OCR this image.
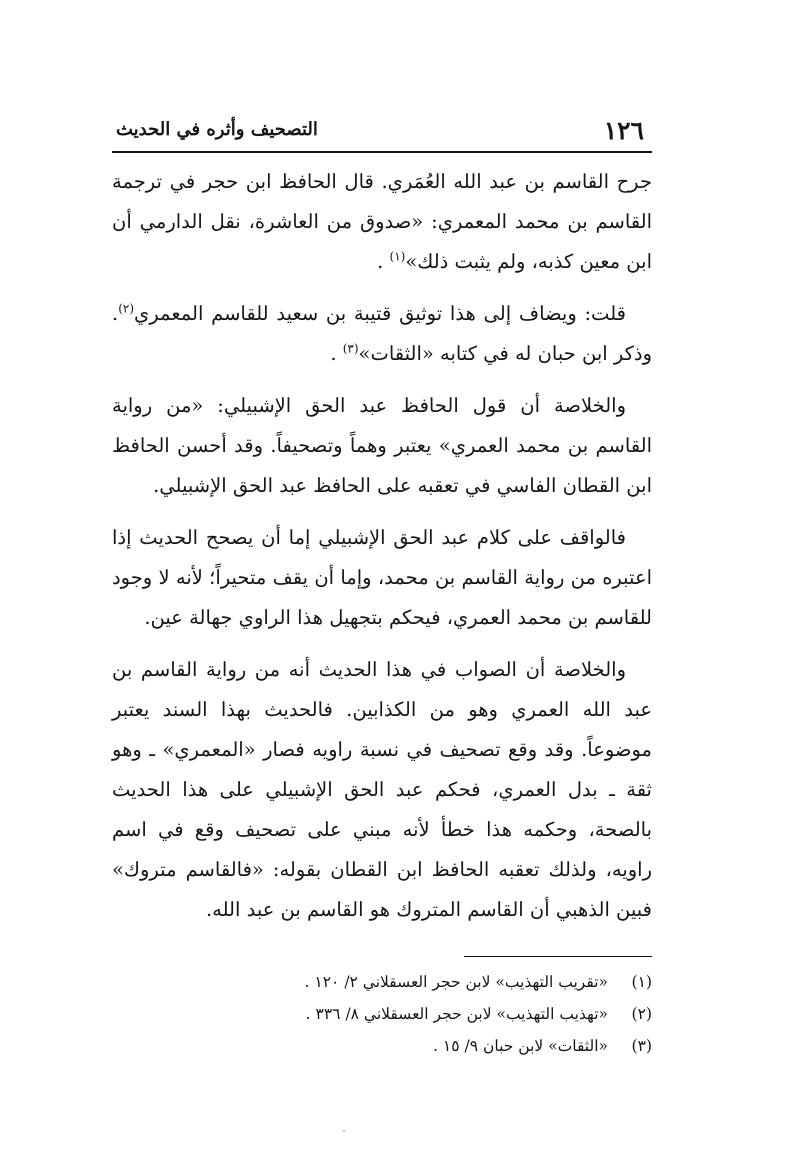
١٢٦
التصحيف وأثره في الحديث

جرح القاسم بن عبد الله العُمَري. قال الحافظ ابن حجر في ترجمة القاسم بن محمد المعمري: «صدوق من العاشرة، نقل الدارمي أن ابن معين كذبه، ولم يثبت ذلك»$^{(١)}$ .

قلت: ويضاف إلى هذا توثيق قتيبة بن سعيد للقاسم المعمري$^{(٢)}$. وذكر ابن حبان له في كتابه «الثقات»$^{(٣)}$ .

والخلاصة أن قول الحافظ عبد الحق الإشبيلي: «من رواية القاسم بن محمد العمري» يعتبر وهماً وتصحيفاً. وقد أحسن الحافظ ابن القطان الفاسي في تعقبه على الحافظ عبد الحق الإشبيلي.

فالواقف على كلام عبد الحق الإشبيلي إما أن يصحح الحديث إذا اعتبره من رواية القاسم بن محمد، وإما أن يقف متحيراً؛ لأنه لا وجود للقاسم بن محمد العمري، فيحكم بتجهيل هذا الراوي جهالة عين.

والخلاصة أن الصواب في هذا الحديث أنه من رواية القاسم بن عبد الله العمري وهو من الكذابين. فالحديث بهذا السند يعتبر موضوعاً. وقد وقع تصحيف في نسبة راويه فصار «المعمري» ـ وهو ثقة ـ بدل العمري، فحكم عبد الحق الإشبيلي على هذا الحديث بالصحة، وحكمه هذا خطأ لأنه مبني على تصحيف وقع في اسم راويه، ولذلك تعقبه الحافظ ابن القطان بقوله: «فالقاسم متروك» فبين الذهبي أن القاسم المتروك هو القاسم بن عبد الله.

(١)
«تقريب التهذيب» لابن حجر العسقلاني ٢/ ١٢٠ .
(٢)
«تهذيب التهذيب» لابن حجر العسقلاني ٨/ ٣٣٦ .
(٣)
«الثقات» لابن حبان ٩/ ١٥ .
